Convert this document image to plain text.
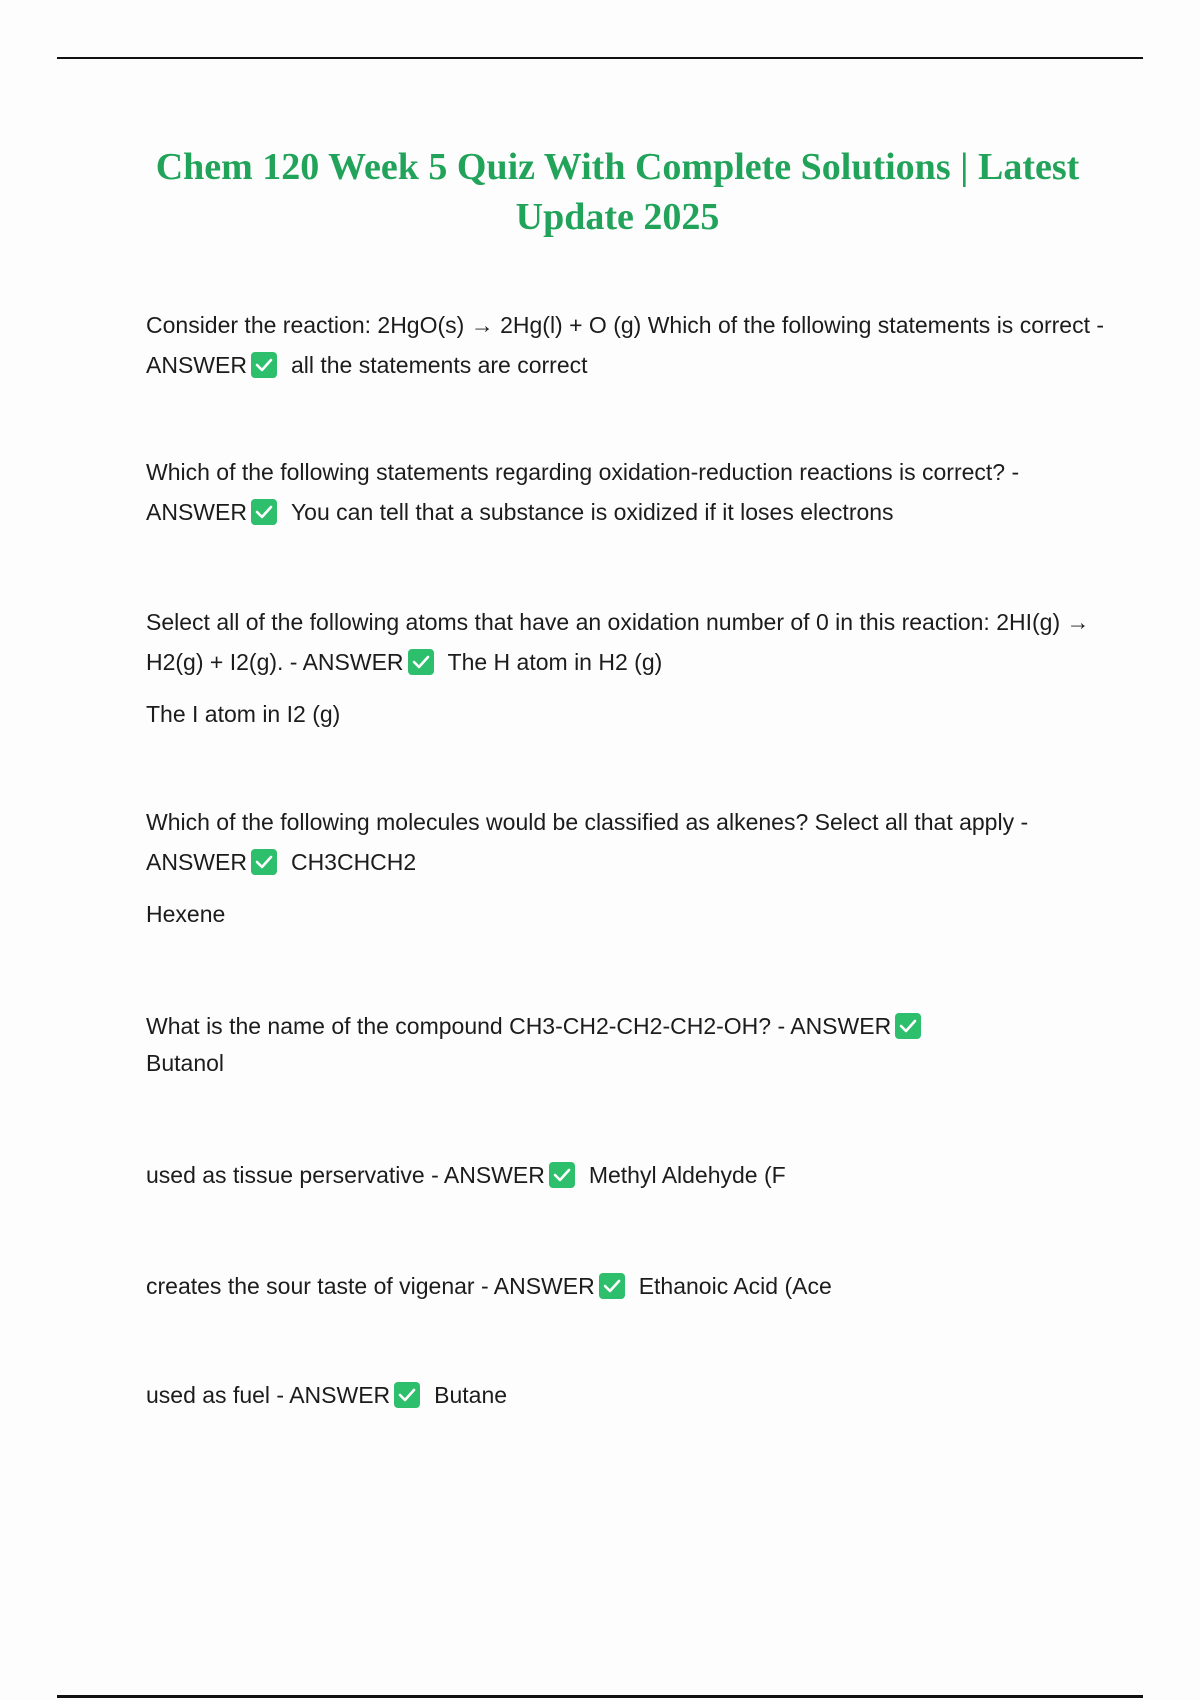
Chem 120 Week 5 Quiz With Complete Solutions | Latest Update 2025

Consider the reaction: 2HgO(s) → 2Hg(l) + O (g) Which of the following statements is correct - ANSWER all the statements are correct

Which of the following statements regarding oxidation-reduction reactions is correct? - ANSWER You can tell that a substance is oxidized if it loses electrons

Select all of the following atoms that have an oxidation number of 0 in this reaction: 2HI(g) → H2(g) + I2(g). - ANSWER The H atom in H2 (g)

The I atom in I2 (g)

Which of the following molecules would be classified as alkenes? Select all that apply - ANSWER CH3CHCH2

Hexene

What is the name of the compound CH3-CH2-CH2-CH2-OH? - ANSWER

Butanol

used as tissue perservative - ANSWER Methyl Aldehyde (F

creates the sour taste of vigenar - ANSWER Ethanoic Acid (Ace

used as fuel - ANSWER Butane
